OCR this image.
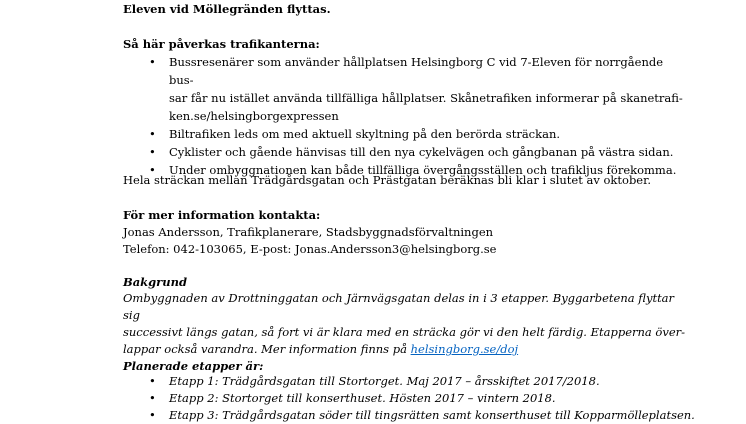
Eleven vid Möllegränden flyttas.

Så här påverkas trafikanterna:

• Bussresenärer som använder hållplatsen Helsingborg C vid 7-Eleven för norrgående bus-
sar får nu istället använda tillfälliga hållplatser. Skånetrafiken informerar på skanetrafi-
ken.se/helsingborgexpressen
• Biltrafiken leds om med aktuell skyltning på den berörda sträckan.
• Cyklister och gående hänvisas till den nya cykelvägen och gångbanan på västra sidan.
• Under ombyggnationen kan både tillfälliga övergångsställen och trafikljus förekomma.

Hela sträckan mellan Trädgårdsgatan och Prästgatan beräknas bli klar i slutet av oktober.

För mer information kontakta:

Jonas Andersson, Trafikplanerare, Stadsbyggnadsförvaltningen

Telefon: 042-103065, E-post: Jonas.Andersson3@helsingborg.se

Bakgrund

Ombyggnaden av Drottninggatan och Järnvägsgatan delas in i 3 etapper. Byggarbetena flyttar sig
successivt längs gatan, så fort vi är klara med en sträcka gör vi den helt färdig. Etapperna över-
lappar också varandra. Mer information finns på helsingborg.se/doj

Planerade etapper är:

• Etapp 1: Trädgårdsgatan till Stortorget. Maj 2017 – årsskiftet 2017/2018.
• Etapp 2: Stortorget till konserthuset. Hösten 2017 – vintern 2018.
• Etapp 3: Trädgårdsgatan söder till tingsrätten samt konserthuset till Kopparmölleplatsen.
